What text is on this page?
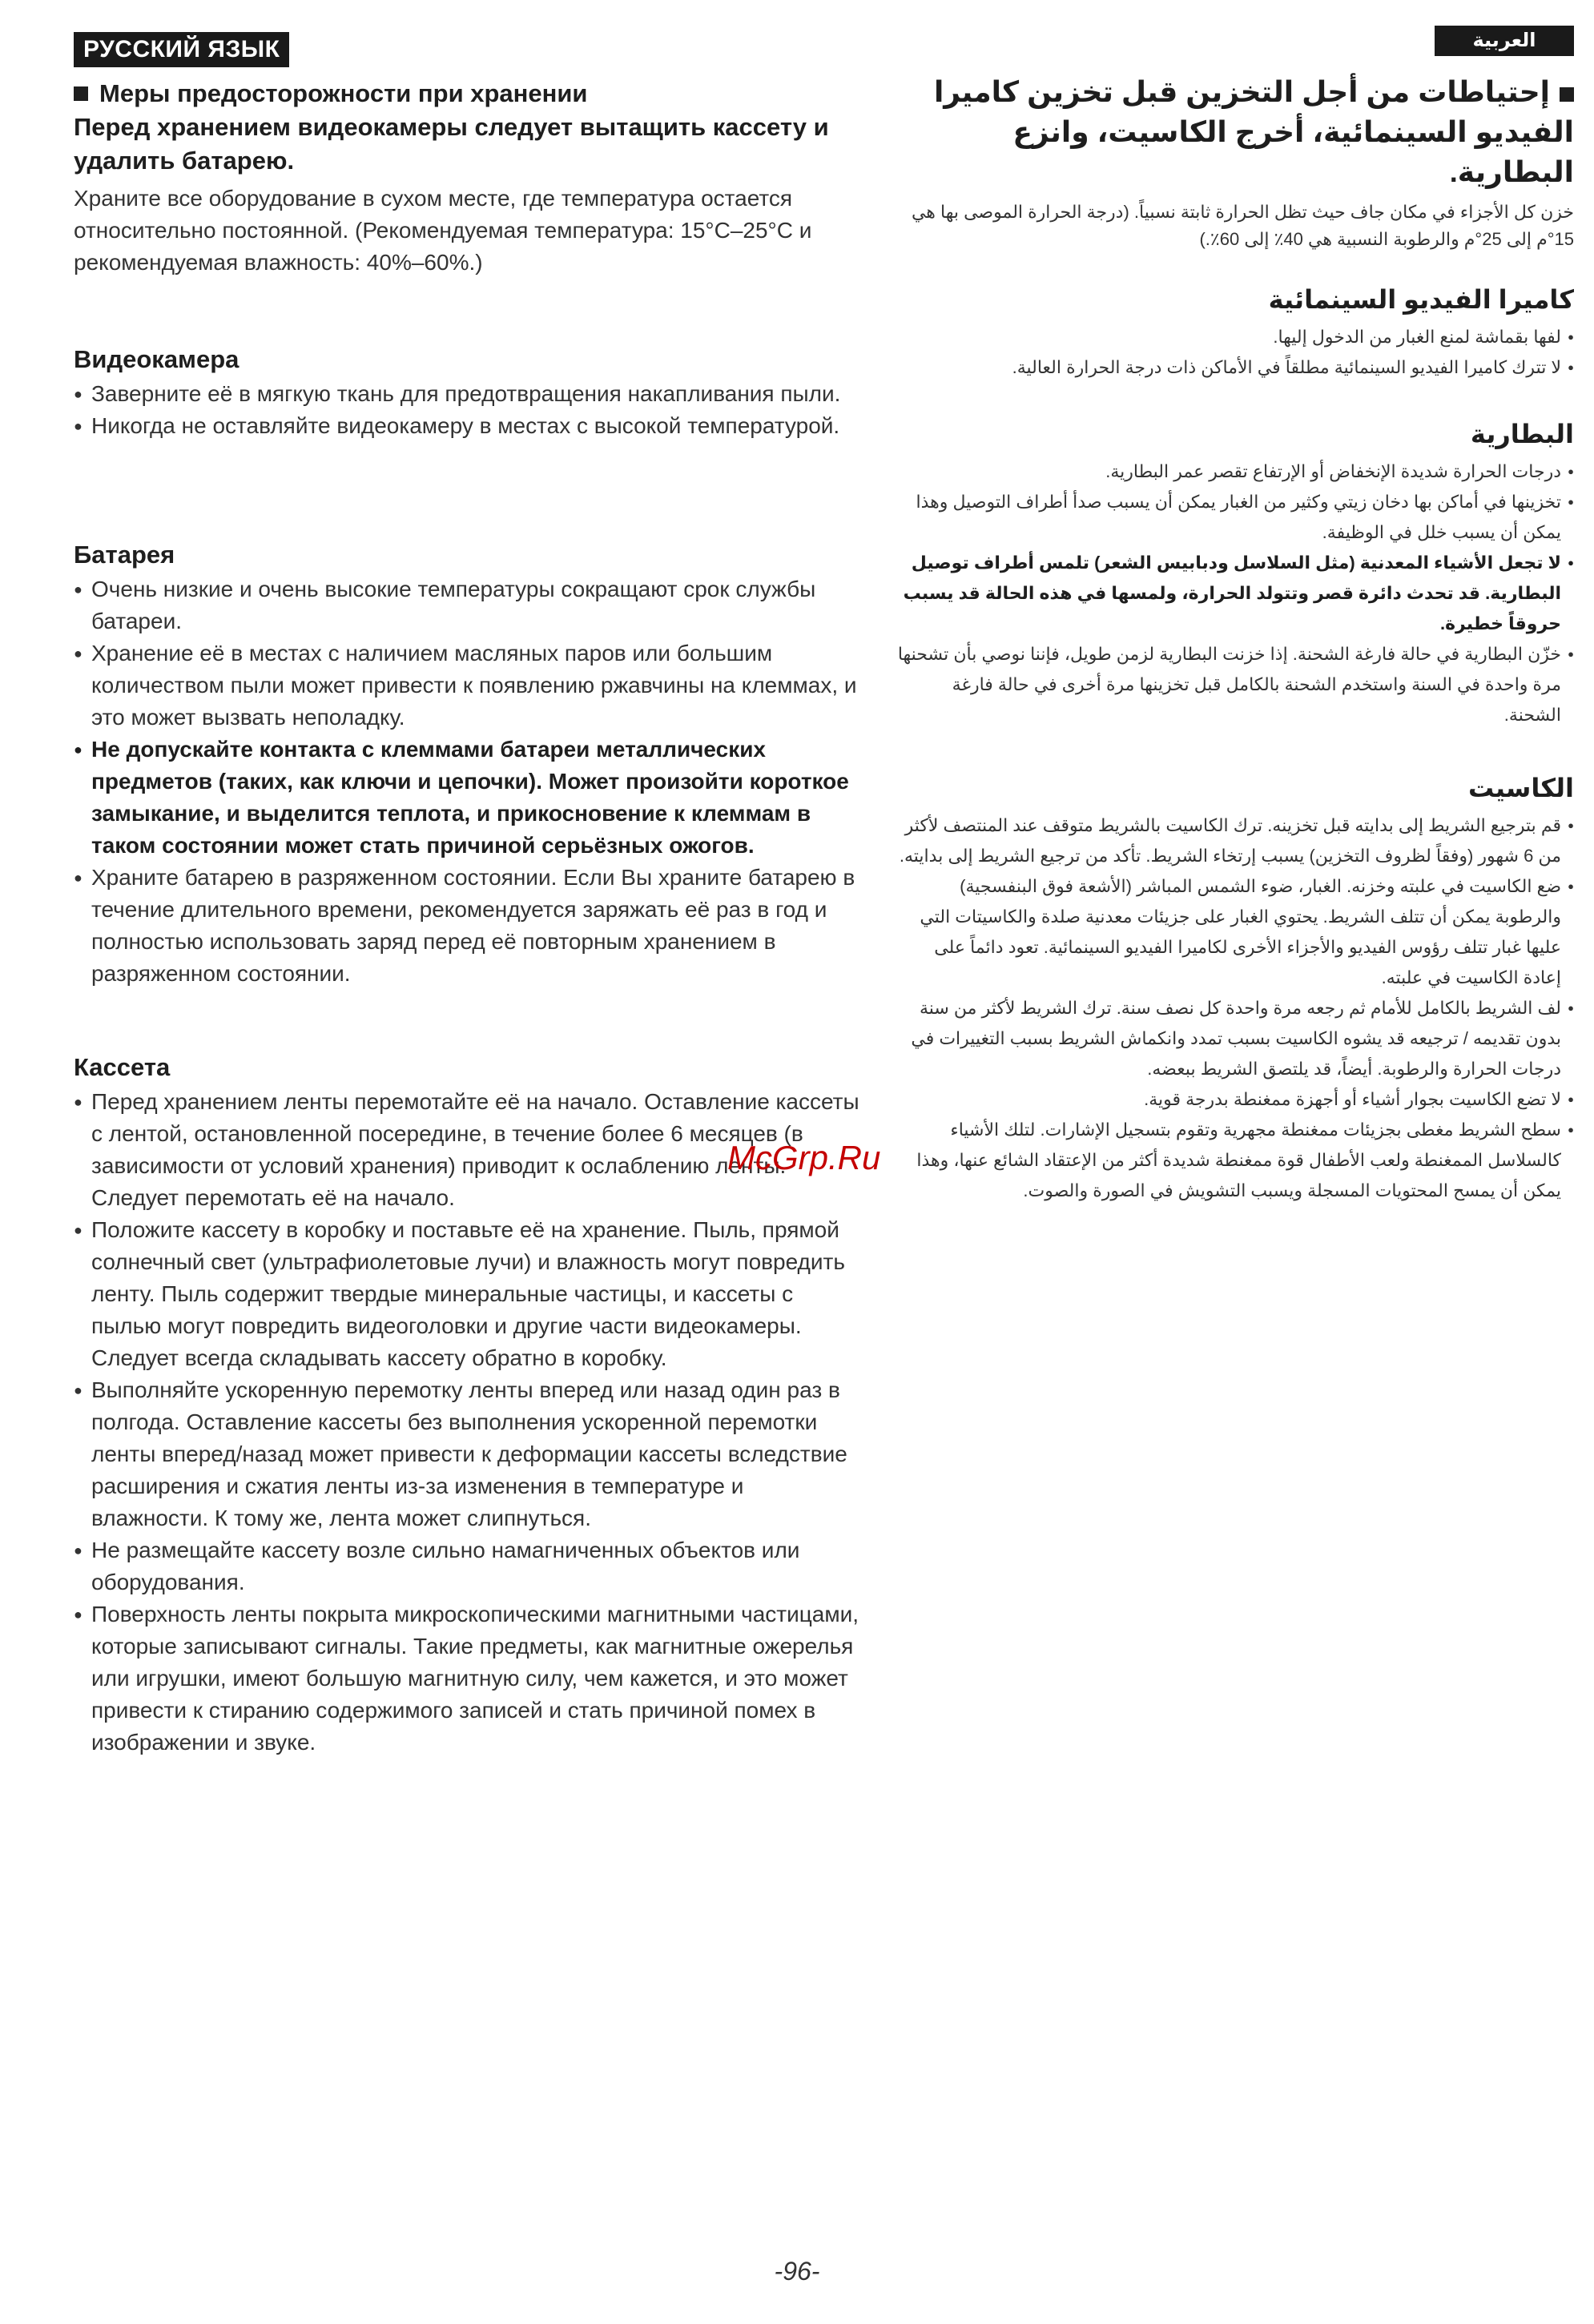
РУССКИЙ ЯЗЫК

Меры предосторожности при хранении

Перед хранением видеокамеры следует вытащить кассету и удалить батарею.

Храните все оборудование в сухом месте, где температура остается относительно постоянной. (Рекомендуемая температура: 15°C–25°C и рекомендуемая влажность: 40%–60%.)

Видеокамера
● Заверните её в мягкую ткань для предотвращения накапливания пыли.
● Никогда не оставляйте видеокамеру в местах с высокой температурой.
Батарея
● Очень низкие и очень высокие температуры сокращают срок службы батареи.
● Хранение её в местах с наличием масляных паров или большим количеством пыли может привести к появлению ржавчины на клеммах, и это может вызвать неполадку.
● Не допускайте контакта с клеммами батареи металлических предметов (таких, как ключи и цепочки). Может произойти короткое замыкание, и выделится теплота, и прикосновение к клеммам в таком состоянии может стать причиной серьёзных ожогов.
● Храните батарею в разряженном состоянии. Если Вы храните батарею в течение длительного времени, рекомендуется заряжать её раз в год и полностью использовать заряд перед её повторным хранением в разряженном состоянии.
Кассета
● Перед хранением ленты перемотайте её на начало. Оставление кассеты с лентой, остановленной посередине, в течение более 6 месяцев (в зависимости от условий хранения) приводит к ослаблению ленты. Следует перемотать её на начало.
● Положите кассету в коробку и поставьте её на хранение. Пыль, прямой солнечный свет (ультрафиолетовые лучи) и влажность могут повредить ленту. Пыль содержит твердые минеральные частицы, и кассеты с пылью могут повредить видеоголовки и другие части видеокамеры. Следует всегда складывать кассету обратно в коробку.
● Выполняйте ускоренную перемотку ленты вперед или назад один раз в полгода. Оставление кассеты без выполнения ускоренной перемотки ленты вперед/назад может привести к деформации кассеты вследствие расширения и сжатия ленты из-за изменения в температуре и влажности. К тому же, лента может слипнуться.
● Не размещайте кассету возле сильно намагниченных объектов или оборудования.
● Поверхность ленты покрыта микроскопическими магнитными частицами, которые записывают сигналы. Такие предметы, как магнитные ожерелья или игрушки, имеют большую магнитную силу, чем кажется, и это может привести к стиранию содержимого записей и стать причиной помех в изображении и звуке.
العربية

إحتياطات من أجل التخزين قبل تخزين كاميرا الفيديو السينمائية، أخرج الكاسيت، وانزع البطارية.

خزن كل الأجزاء في مكان جاف حيث تظل الحرارة ثابتة نسبياً. (درجة الحرارة الموصى بها هي 15°م إلى 25°م والرطوبة النسبية هي 40٪ إلى 60٪.)

كاميرا الفيديو السينمائية
● لفها بقماشة لمنع الغبار من الدخول إليها.
● لا تترك كاميرا الفيديو السينمائية مطلقاً في الأماكن ذات درجة الحرارة العالية.
البطارية
● درجات الحرارة شديدة الإنخفاض أو الإرتفاع تقصر عمر البطارية.
● تخزينها في أماكن بها دخان زيتي وكثير من الغبار يمكن أن يسبب صدأ أطراف التوصيل وهذا يمكن أن يسبب خلل في الوظيفة.
● لا تجعل الأشياء المعدنية (مثل السلاسل ودبابيس الشعر) تلمس أطراف توصيل البطارية. قد تحدث دائرة قصر وتتولد الحرارة، ولمسها في هذه الحالة قد يسبب حروقاً خطيرة.
● خزّن البطارية في حالة فارغة الشحنة. إذا خزنت البطارية لزمن طويل، فإننا نوصي بأن تشحنها مرة واحدة في السنة واستخدم الشحنة بالكامل قبل تخزينها مرة أخرى في حالة فارغة الشحنة.
الكاسيت
● قم بترجيع الشريط إلى بدايته قبل تخزينه. ترك الكاسيت بالشريط متوقف عند المنتصف لأكثر من 6 شهور (وفقاً لظروف التخزين) يسبب إرتخاء الشريط. تأكد من ترجيع الشريط إلى بدايته.
● ضع الكاسيت في علبته وخزنه. الغبار، ضوء الشمس المباشر (الأشعة فوق البنفسجية) والرطوبة يمكن أن تتلف الشريط. يحتوي الغبار على جزيئات معدنية صلدة والكاسيتات التي عليها غبار تتلف رؤوس الفيديو والأجزاء الأخرى لكاميرا الفيديو السينمائية. تعود دائماً على إعادة الكاسيت في علبته.
● لف الشريط بالكامل للأمام ثم رجعه مرة واحدة كل نصف سنة. ترك الشريط لأكثر من سنة بدون تقديمه / ترجيعه قد يشوه الكاسيت بسبب تمدد وانكماش الشريط بسبب التغييرات في درجات الحرارة والرطوبة. أيضاً، قد يلتصق الشريط ببعضه.
● لا تضع الكاسيت بجوار أشياء أو أجهزة ممغنطة بدرجة قوية.
● سطح الشريط مغطى بجزيئات ممغنطة مجهرية وتقوم بتسجيل الإشارات. لتلك الأشياء كالسلاسل الممغنطة ولعب الأطفال قوة ممغنطة شديدة أكثر من الإعتقاد الشائع عنها، وهذا يمكن أن يمسح المحتويات المسجلة ويسبب التشويش في الصورة والصوت.
McGrp.Ru
-96-
